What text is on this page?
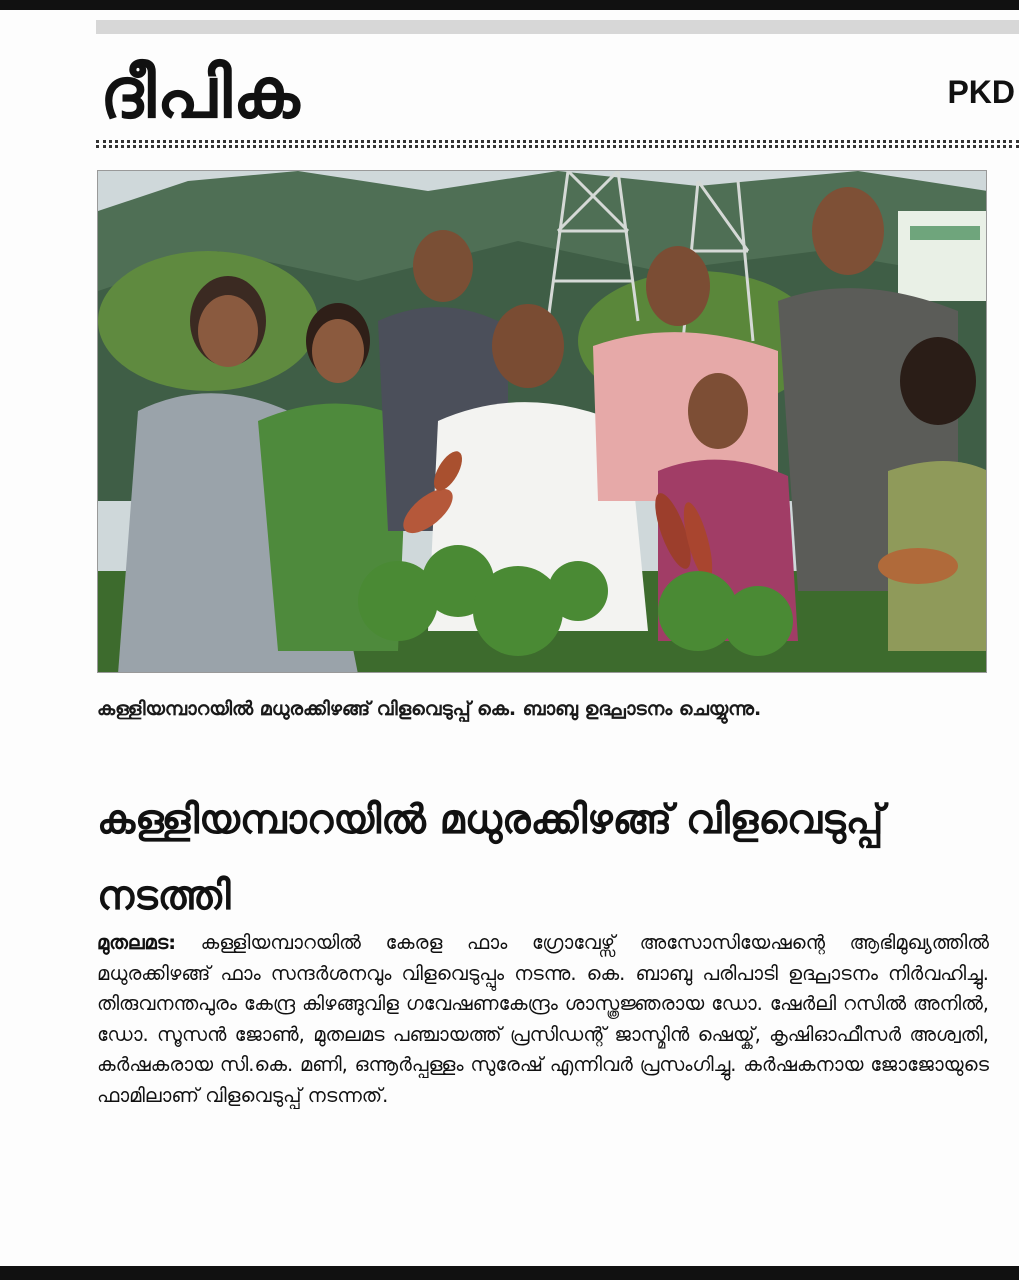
ദീപിക	PKD
കള്ളിയമ്പാറയിൽ മധുരക്കിഴങ്ങ് വിളവെടുപ്പ് കെ. ബാബു ഉദ്ഘാടനം ചെയ്യുന്നു.
കള്ളിയമ്പാറയിൽ മധുരക്കിഴങ്ങ് വിളവെടുപ്പ് നടത്തി
മുതലമട: കള്ളിയമ്പാറയിൽ കേരള ഫാം ഗ്രോവേഴ്സ് അസോസിയേഷന്റെ ആഭിമുഖ്യത്തിൽ മധുരക്കിഴങ്ങ് ഫാം സന്ദർശനവും വിളവെടുപ്പും നടന്നു. കെ. ബാബു പരിപാടി ഉദ്ഘാടനം നിർവഹിച്ചു. തിരുവനന്തപുരം കേന്ദ്ര കിഴങ്ങുവിള ഗവേഷണകേന്ദ്രം ശാസ്ത്രജ്ഞരായ ഡോ. ഷേർലി റസിൽ അനിൽ, ഡോ. സൂസൻ ജോൺ, മുതലമട പഞ്ചായത്ത് പ്രസിഡന്റ് ജാസ്മിൻ ഷെയ്ക്, കൃഷിഓഫീസർ അശ്വതി, കർഷകരായ സി.കെ. മണി, ഒന്നൂർപ്പള്ളം സുരേഷ് എന്നിവർ പ്രസംഗിച്ചു. കർഷകനായ ജോജോയുടെ ഫാമിലാണ് വിളവെടുപ്പ് നടന്നത്.
